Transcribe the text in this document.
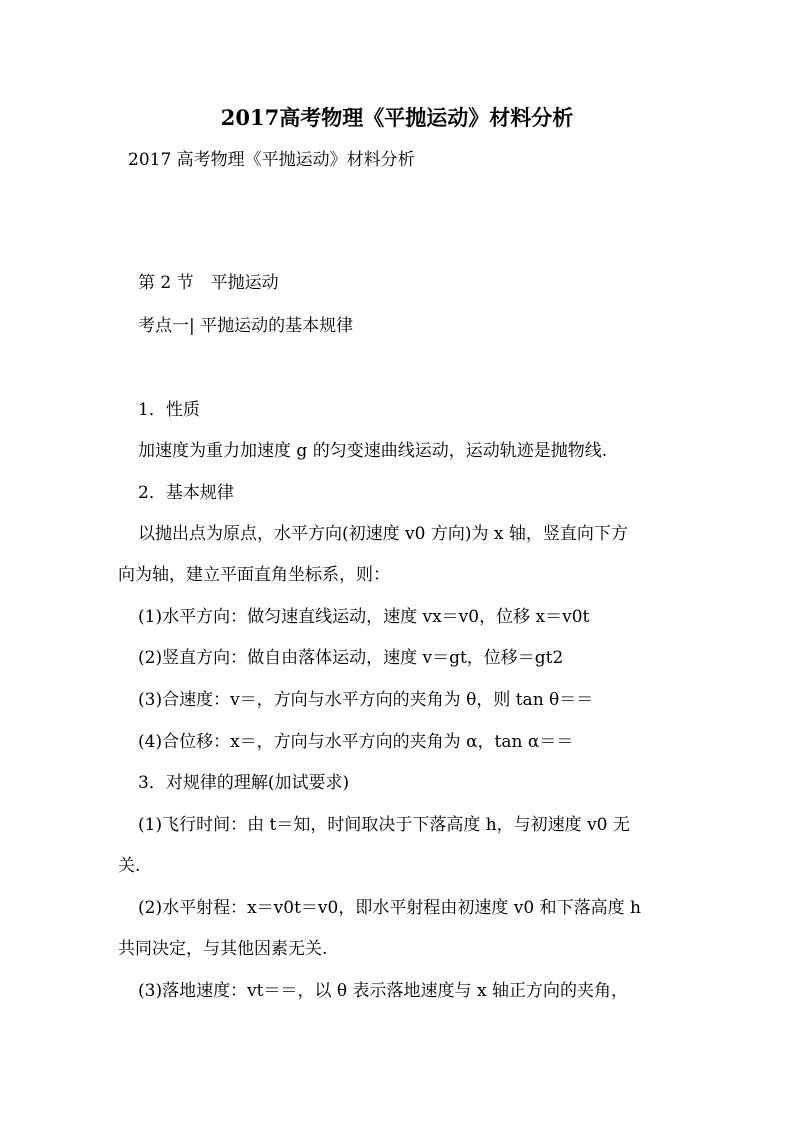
2017高考物理《平抛运动》材料分析
2017 高考物理《平抛运动》材料分析
第 2 节　平抛运动
考点一| 平抛运动的基本规律
1．性质
加速度为重力加速度 g 的匀变速曲线运动，运动轨迹是抛物线.
2．基本规律
以抛出点为原点，水平方向(初速度 v0 方向)为 x 轴，竖直向下方
向为轴，建立平面直角坐标系，则：
(1)水平方向：做匀速直线运动，速度 vx＝v0，位移 x＝v0t
(2)竖直方向：做自由落体运动，速度 v＝gt，位移＝gt2
(3)合速度：v＝，方向与水平方向的夹角为 θ，则 tan θ＝＝
(4)合位移：x＝，方向与水平方向的夹角为 α，tan α＝＝
3．对规律的理解(加试要求)
(1)飞行时间：由 t＝知，时间取决于下落高度 h，与初速度 v0 无
关.
(2)水平射程：x＝v0t＝v0，即水平射程由初速度 v0 和下落高度 h
共同决定，与其他因素无关.
(3)落地速度：vt＝＝，以 θ 表示落地速度与 x 轴正方向的夹角，
